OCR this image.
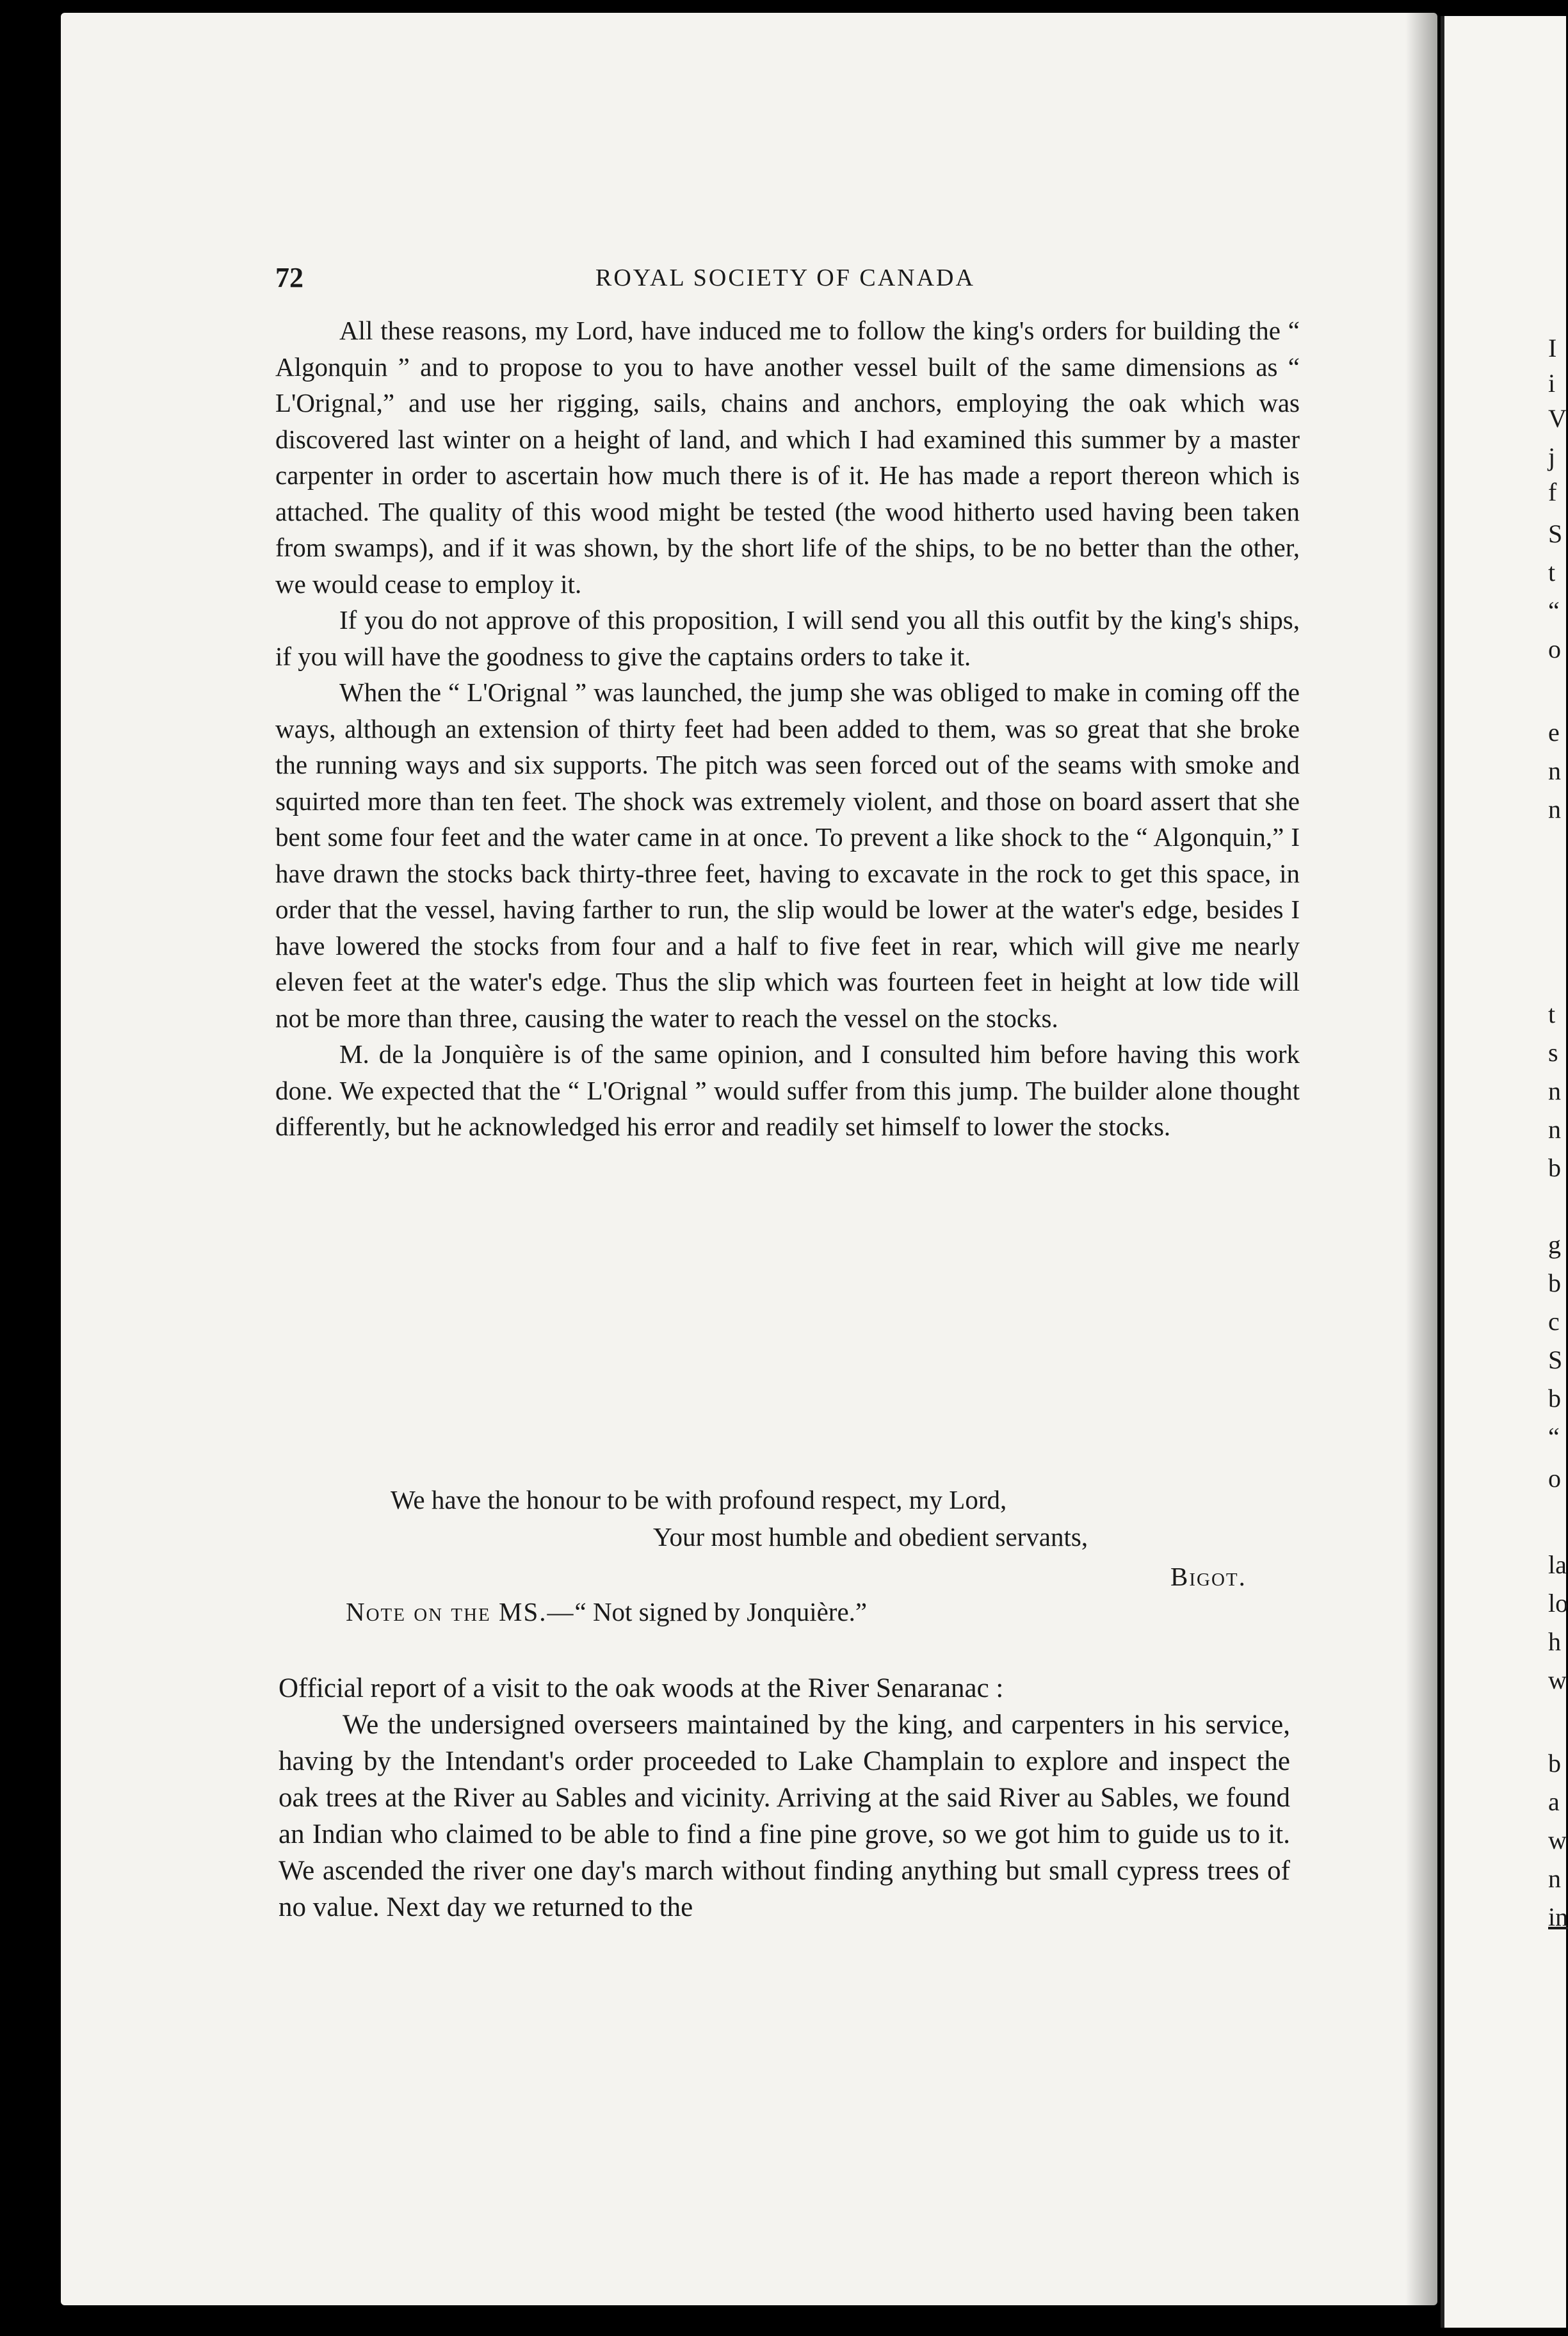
72	ROYAL SOCIETY OF CANADA

All these reasons, my Lord, have induced me to follow the king's orders for building the “ Algonquin ” and to propose to you to have another vessel built of the same dimensions as “ L'Orignal,” and use her rigging, sails, chains and anchors, employing the oak which was discovered last winter on a height of land, and which I had examined this summer by a master carpenter in order to ascertain how much there is of it. He has made a report thereon which is attached. The quality of this wood might be tested (the wood hitherto used having been taken from swamps), and if it was shown, by the short life of the ships, to be no better than the other, we would cease to employ it.

If you do not approve of this proposition, I will send you all this outfit by the king's ships, if you will have the goodness to give the captains orders to take it.

When the “ L'Orignal ” was launched, the jump she was obliged to make in coming off the ways, although an extension of thirty feet had been added to them, was so great that she broke the running ways and six supports. The pitch was seen forced out of the seams with smoke and squirted more than ten feet. The shock was extremely violent, and those on board assert that she bent some four feet and the water came in at once. To prevent a like shock to the “ Algonquin,” I have drawn the stocks back thirty-three feet, having to excavate in the rock to get this space, in order that the vessel, having farther to run, the slip would be lower at the water's edge, besides I have lowered the stocks from four and a half to five feet in rear, which will give me nearly eleven feet at the water's edge. Thus the slip which was fourteen feet in height at low tide will not be more than three, causing the water to reach the vessel on the stocks.

M. de la Jonquière is of the same opinion, and I consulted him before having this work done. We expected that the “ L'Orignal ” would suffer from this jump. The builder alone thought differently, but he acknowledged his error and readily set himself to lower the stocks.

We have the honour to be with profound respect, my Lord,
Your most humble and obedient servants,
Bigot.
Note on the MS.—“ Not signed by Jonquière.”

Official report of a visit to the oak woods at the River Senaranac :

We the undersigned overseers maintained by the king, and carpenters in his service, having by the Intendant's order proceeded to Lake Champlain to explore and inspect the oak trees at the River au Sables and vicinity. Arriving at the said River au Sables, we found an Indian who claimed to be able to find a fine pine grove, so we got him to guide us to it. We ascended the river one day's march without finding anything but small cypress trees of no value. Next day we returned to the

I
i
V
j
f
S
t
“
o
e
n
n
t
s
n
n
b
g
b
c
S
b
“
o
la
lo
h
w
b
a
w
n
in
